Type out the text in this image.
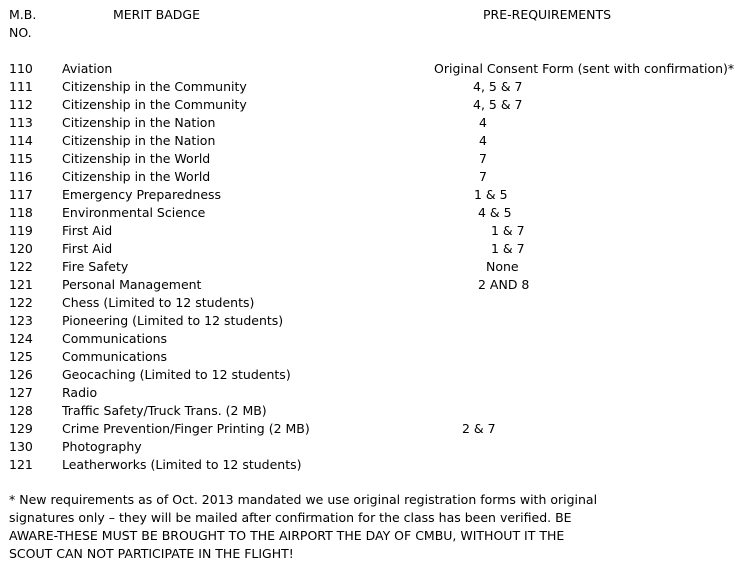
M.B.
NO.
MERIT BADGE	PRE-REQUIREMENTS
110 Aviation	Original Consent Form (sent with confirmation)*
111 Citizenship in the Community	4, 5 & 7
112 Citizenship in the Community	4, 5 & 7
113 Citizenship in the Nation	4
114 Citizenship in the Nation	4
115 Citizenship in the World	7
116 Citizenship in the World	7
117 Emergency Preparedness	1 & 5
118 Environmental Science	4 & 5
119 First Aid	1 & 7
120 First Aid	1 & 7
122 Fire Safety	None
121 Personal Management	2 AND 8
122 Chess (Limited to 12 students)
123 Pioneering (Limited to 12 students)
124 Communications
125 Communications
126 Geocaching (Limited to 12 students)
127 Radio
128 Traffic Safety/Truck Trans. (2 MB)
129 Crime Prevention/Finger Printing (2 MB)	2 & 7
130 Photography
121 Leatherworks (Limited to 12 students)
* New requirements as of Oct. 2013 mandated we use original registration forms with original
signatures only – they will be mailed after confirmation for the class has been verified. BE
AWARE-THESE MUST BE BROUGHT TO THE AIRPORT THE DAY OF CMBU, WITHOUT IT THE
SCOUT CAN NOT PARTICIPATE IN THE FLIGHT!
